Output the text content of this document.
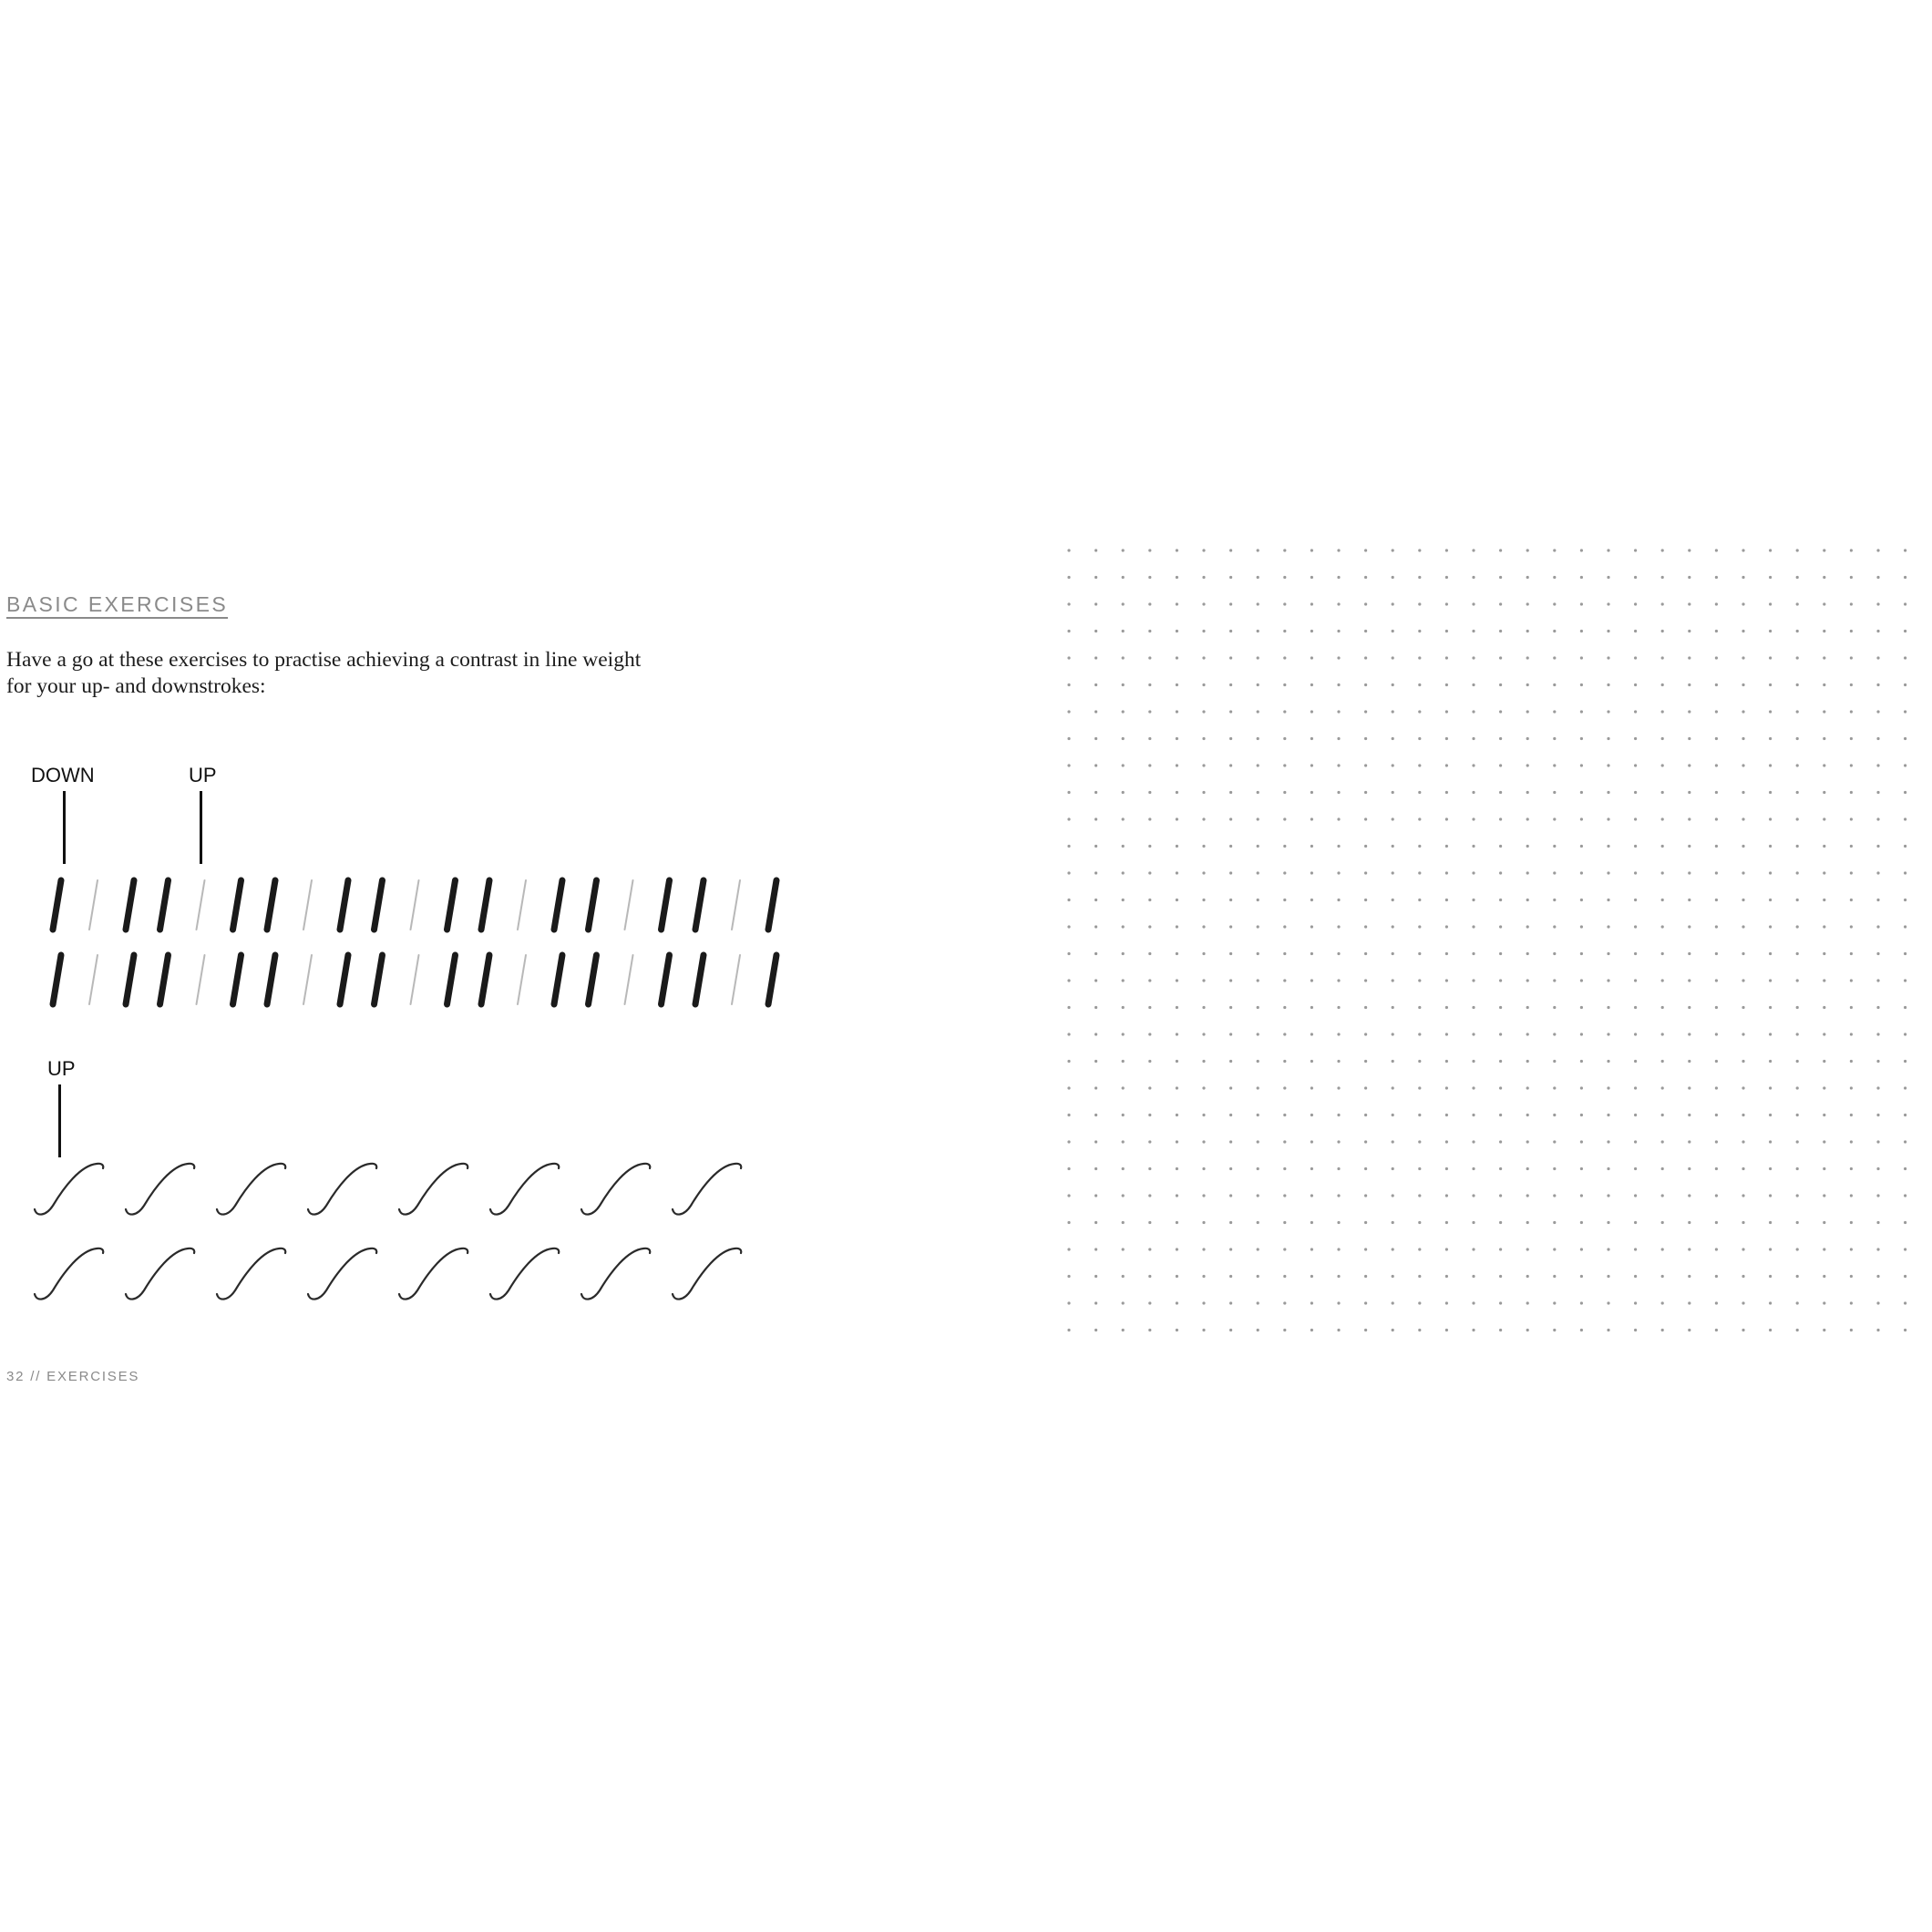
BASIC EXERCISES

Have a go at these exercises to practise achieving a contrast in line weight

for your up- and downstrokes:

DOWN	UP
UP
32 // EXERCISES
